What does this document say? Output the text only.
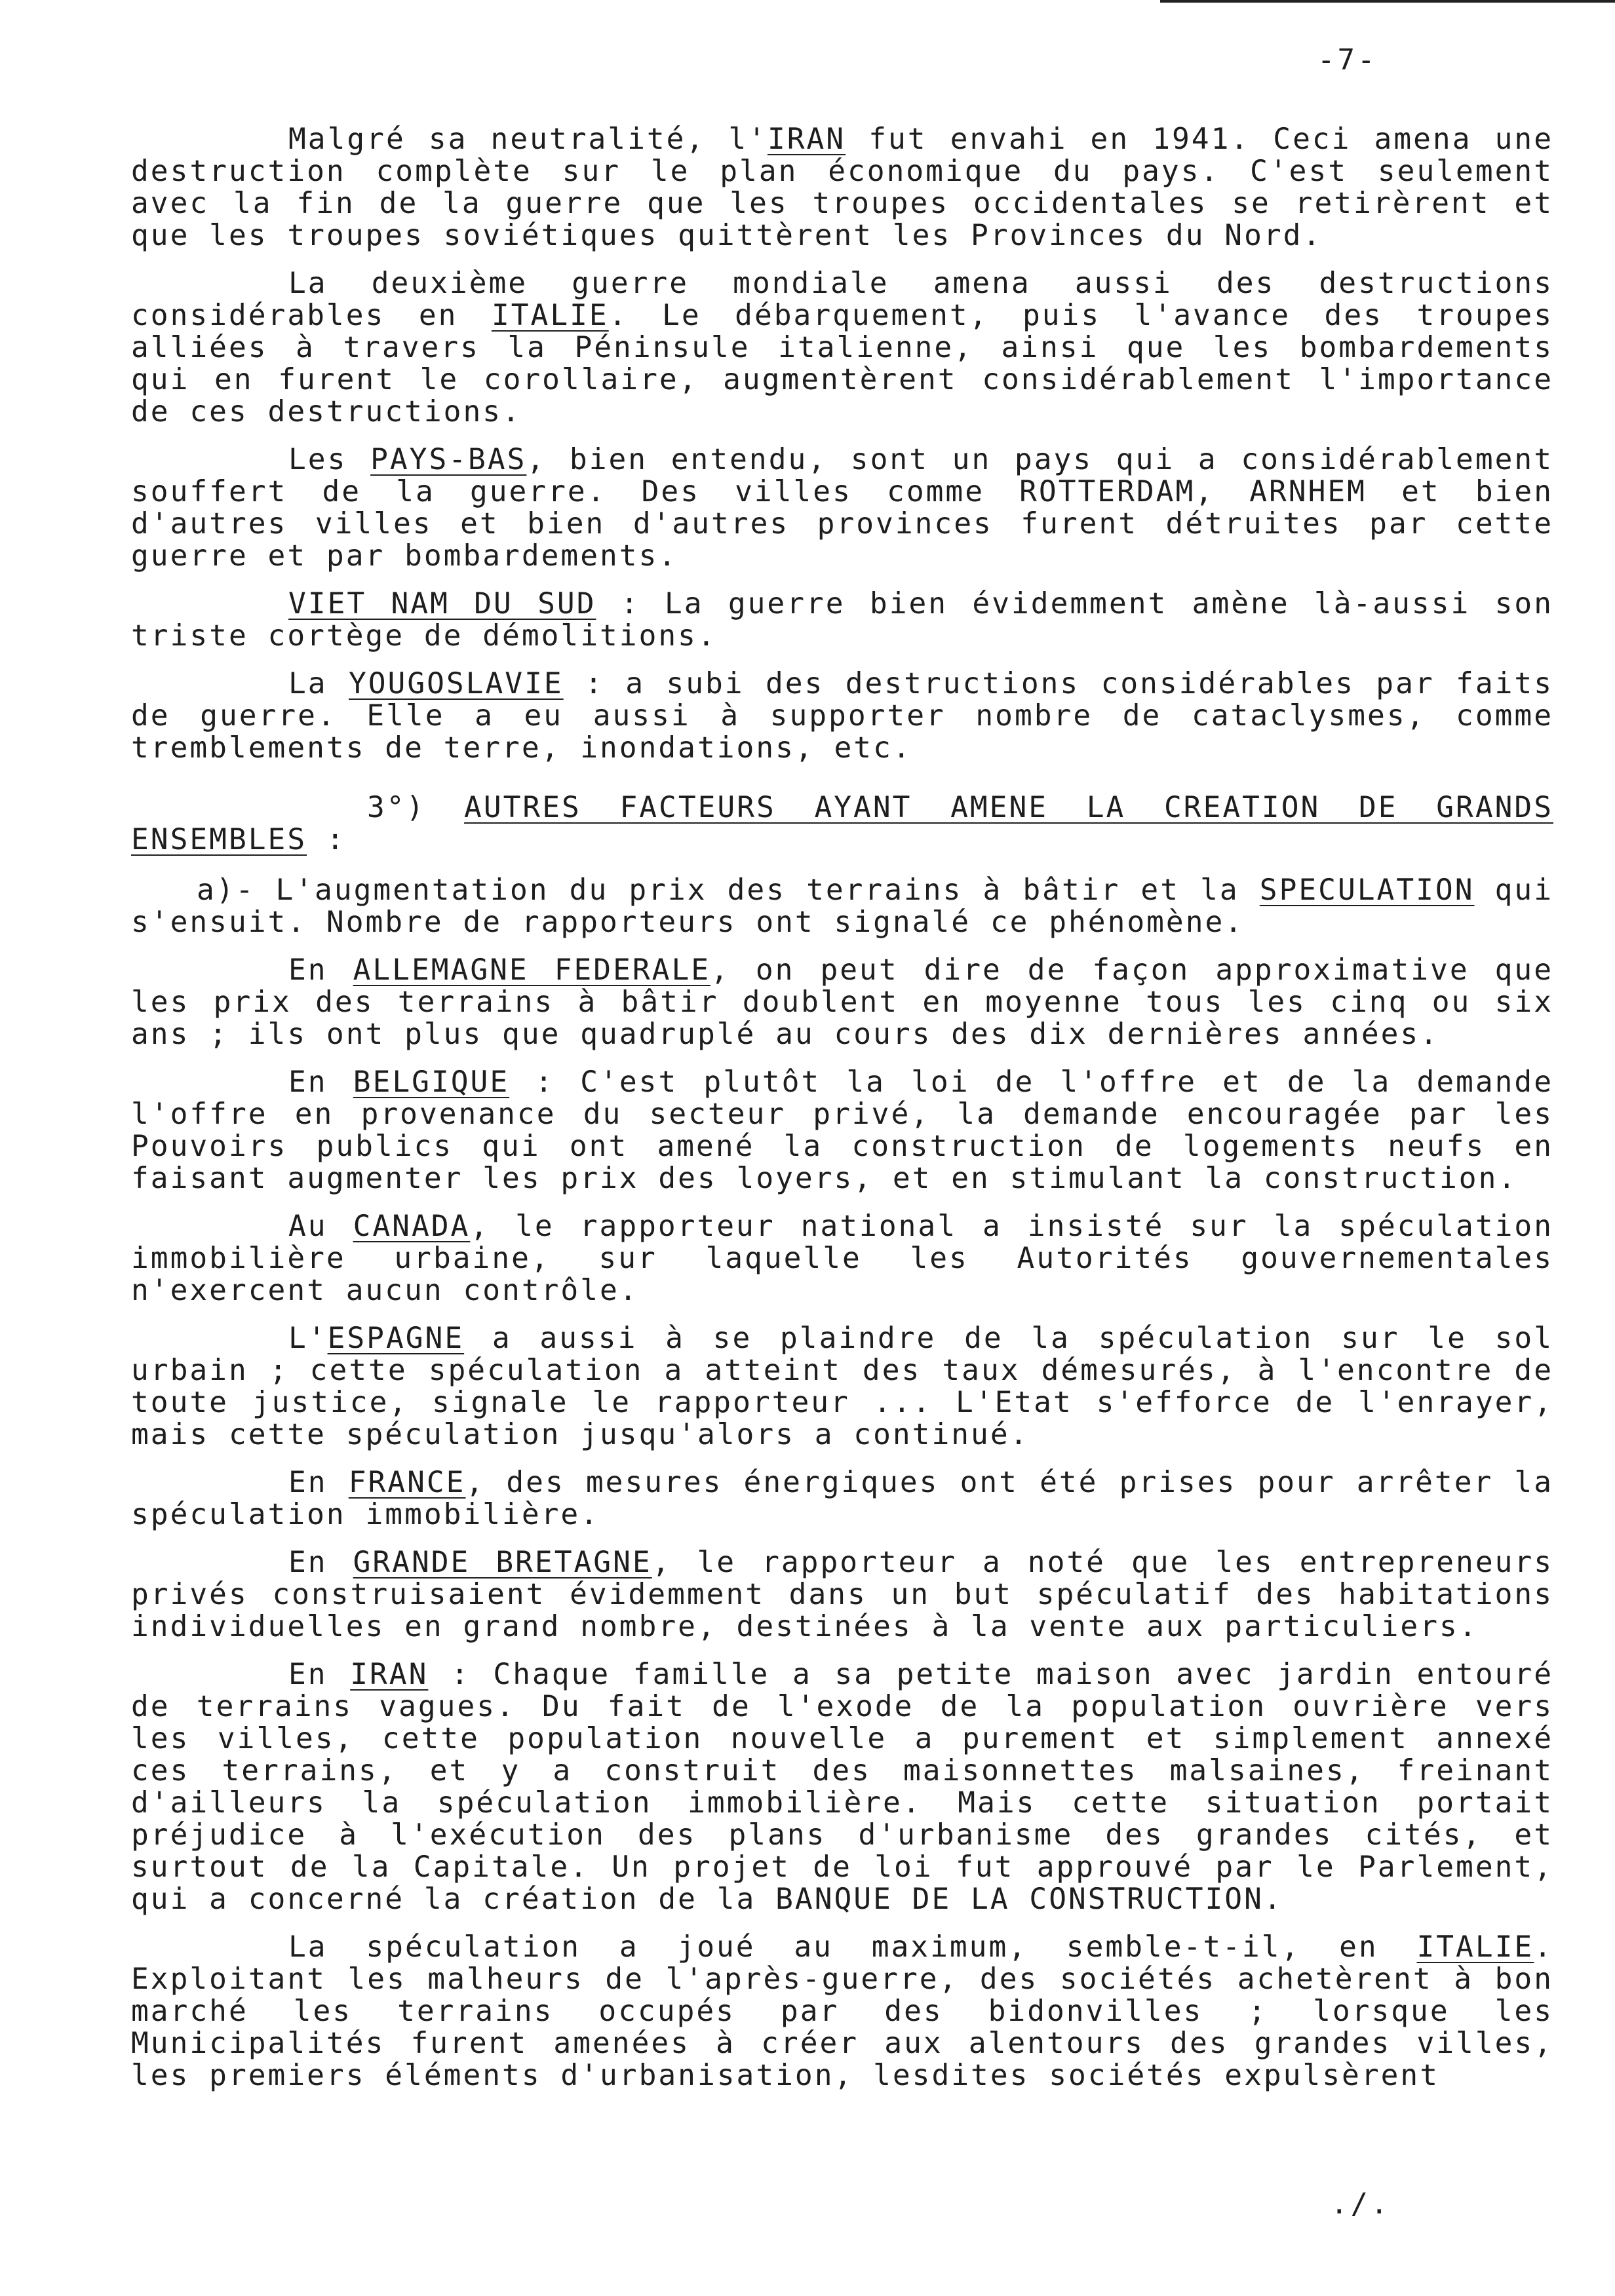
-7-

Malgré sa neutralité, l'IRAN fut envahi en 1941. Ceci amena une destruction complète sur le plan économique du pays. C'est seulement avec la fin de la guerre que les troupes occidentales se retirèrent et que les troupes soviétiques quittèrent les Provinces du Nord.

La deuxième guerre mondiale amena aussi des destructions considérables en ITALIE. Le débarquement, puis l'avance des troupes alliées à travers la Péninsule italienne, ainsi que les bombardements qui en furent le corollaire, augmentèrent considérablement l'importance de ces destructions.

Les PAYS-BAS, bien entendu, sont un pays qui a considérablement souffert de la guerre. Des villes comme ROTTERDAM, ARNHEM et bien d'autres villes et bien d'autres provinces furent détruites par cette guerre et par bombardements.

VIET NAM DU SUD : La guerre bien évidemment amène là-aussi son triste cortège de démolitions.

La YOUGOSLAVIE : a subi des destructions considérables par faits de guerre. Elle a eu aussi à supporter nombre de cataclysmes, comme tremblements de terre, inondations, etc.

3°) AUTRES FACTEURS AYANT AMENE LA CREATION DE GRANDS ENSEMBLES :

a)- L'augmentation du prix des terrains à bâtir et la SPECULATION qui s'ensuit. Nombre de rapporteurs ont signalé ce phénomène.

En ALLEMAGNE FEDERALE, on peut dire de façon approximative que les prix des terrains à bâtir doublent en moyenne tous les cinq ou six ans ; ils ont plus que quadruplé au cours des dix dernières années.

En BELGIQUE : C'est plutôt la loi de l'offre et de la demande l'offre en provenance du secteur privé, la demande encouragée par les Pouvoirs publics qui ont amené la construction de logements neufs en faisant augmenter les prix des loyers, et en stimulant la construction.

Au CANADA, le rapporteur national a insisté sur la spéculation immobilière urbaine, sur laquelle les Autorités gouvernementales n'exercent aucun contrôle.

L'ESPAGNE a aussi à se plaindre de la spéculation sur le sol urbain ; cette spéculation a atteint des taux démesurés, à l'encontre de toute justice, signale le rapporteur ... L'Etat s'efforce de l'enrayer, mais cette spéculation jusqu'alors a continué.

En FRANCE, des mesures énergiques ont été prises pour arrêter la spéculation immobilière.

En GRANDE BRETAGNE, le rapporteur a noté que les entrepreneurs privés construisaient évidemment dans un but spéculatif des habitations individuelles en grand nombre, destinées à la vente aux particuliers.

En IRAN : Chaque famille a sa petite maison avec jardin entouré de terrains vagues. Du fait de l'exode de la population ouvrière vers les villes, cette population nouvelle a purement et simplement annexé ces terrains, et y a construit des maisonnettes malsaines, freinant d'ailleurs la spéculation immobilière. Mais cette situation portait préjudice à l'exécution des plans d'urbanisme des grandes cités, et surtout de la Capitale. Un projet de loi fut approuvé par le Parlement, qui a concerné la création de la BANQUE DE LA CONSTRUCTION.

La spéculation a joué au maximum, semble-t-il, en ITALIE. Exploitant les malheurs de l'après-guerre, des sociétés achetèrent à bon marché les terrains occupés par des bidonvilles ; lorsque les Municipalités furent amenées à créer aux alentours des grandes villes, les premiers éléments d'urbanisation, lesdites sociétés expulsèrent

./.
